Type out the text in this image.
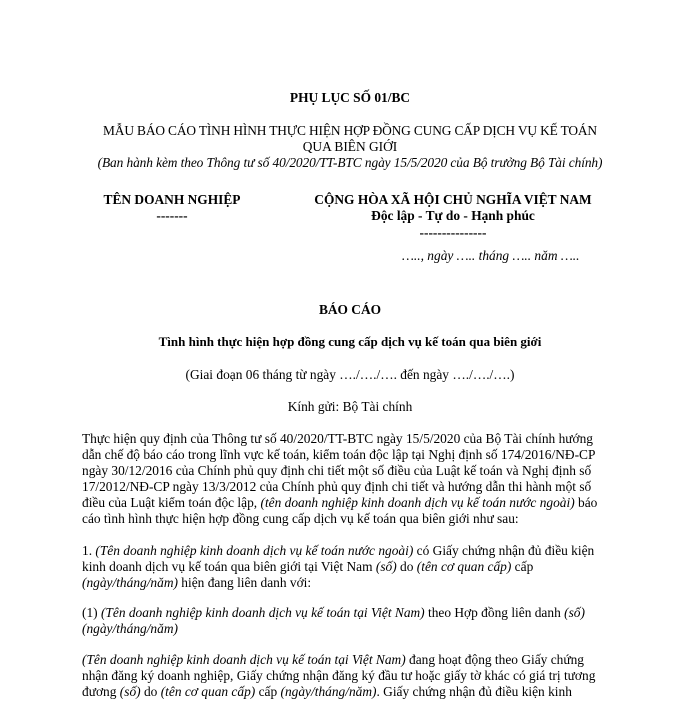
PHỤ LỤC SỐ 01/BC
MẪU BÁO CÁO TÌNH HÌNH THỰC HIỆN HỢP ĐỒNG CUNG CẤP DỊCH VỤ KẾ TOÁN
QUA BIÊN GIỚI
(Ban hành kèm theo Thông tư số 40/2020/TT-BTC ngày 15/5/2020 của Bộ trưởng Bộ Tài chính)
TÊN DOANH NGHIỆP
-------
CỘNG HÒA XÃ HỘI CHỦ NGHĨA VIỆT NAM
Độc lập - Tự do - Hạnh phúc
---------------
….., ngày ….. tháng ….. năm …..
BÁO CÁO
Tình hình thực hiện hợp đồng cung cấp dịch vụ kế toán qua biên giới
(Giai đoạn 06 tháng từ ngày …./…./…. đến ngày …./…./….)
Kính gửi: Bộ Tài chính
Thực hiện quy định của Thông tư số 40/2020/TT-BTC ngày 15/5/2020 của Bộ Tài chính hướng
dẫn chế độ báo cáo trong lĩnh vực kế toán, kiểm toán độc lập tại Nghị định số 174/2016/NĐ-CP
ngày 30/12/2016 của Chính phủ quy định chi tiết một số điều của Luật kế toán và Nghị định số
17/2012/NĐ-CP ngày 13/3/2012 của Chính phủ quy định chi tiết và hướng dẫn thi hành một số
điều của Luật kiểm toán độc lập, (tên doanh nghiệp kinh doanh dịch vụ kế toán nước ngoài) báo
cáo tình hình thực hiện hợp đồng cung cấp dịch vụ kế toán qua biên giới như sau:
1. (Tên doanh nghiệp kinh doanh dịch vụ kế toán nước ngoài) có Giấy chứng nhận đủ điều kiện
kinh doanh dịch vụ kế toán qua biên giới tại Việt Nam (số) do (tên cơ quan cấp) cấp
(ngày/tháng/năm) hiện đang liên danh với:
(1) (Tên doanh nghiệp kinh doanh dịch vụ kế toán tại Việt Nam) theo Hợp đồng liên danh (số)
(ngày/tháng/năm)
(Tên doanh nghiệp kinh doanh dịch vụ kế toán tại Việt Nam) đang hoạt động theo Giấy chứng
nhận đăng ký doanh nghiệp, Giấy chứng nhận đăng ký đầu tư hoặc giấy tờ khác có giá trị tương
đương (số) do (tên cơ quan cấp) cấp (ngày/tháng/năm). Giấy chứng nhận đủ điều kiện kinh
